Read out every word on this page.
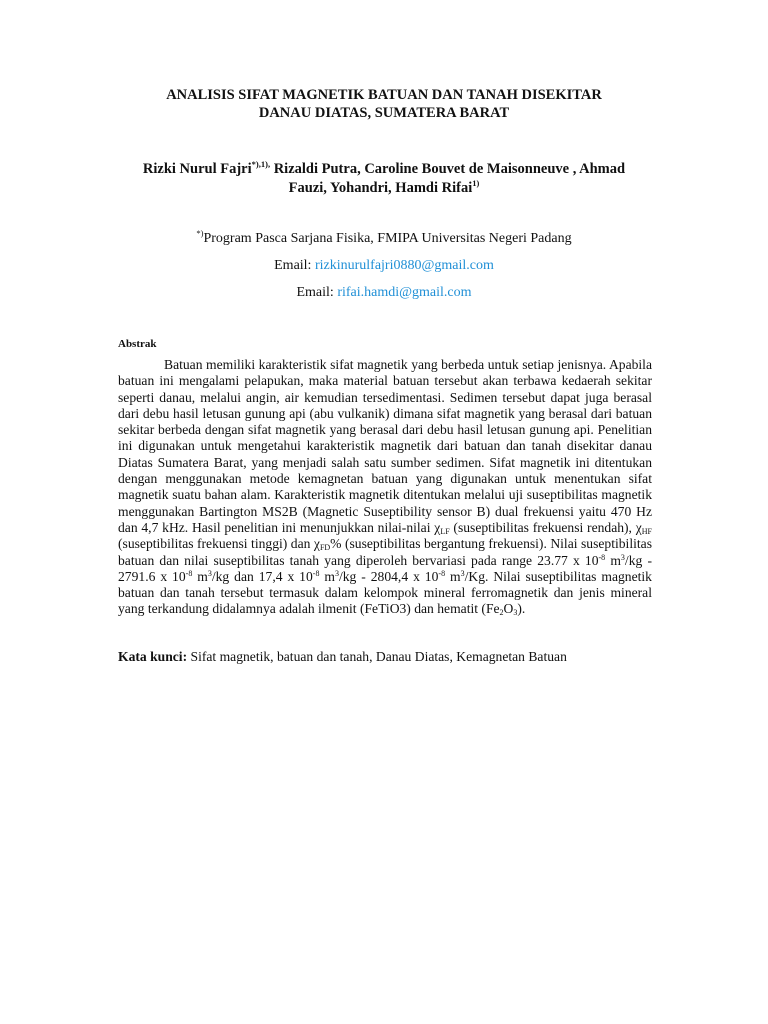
ANALISIS SIFAT MAGNETIK BATUAN DAN TANAH DISEKITAR
DANAU DIATAS, SUMATERA BARAT
Rizki Nurul Fajri$^{*),1),}$ Rizaldi Putra, Caroline Bouvet de Maisonneuve , Ahmad
Fauzi, Yohandri, Hamdi Rifai$^{1)}$
*)Program Pasca Sarjana Fisika, FMIPA Universitas Negeri Padang
Email: rizkinurulfajri0880@gmail.com
Email: rifai.hamdi@gmail.com
Abstrak
Batuan memiliki karakteristik sifat magnetik yang berbeda untuk setiap jenisnya. Apabila batuan ini mengalami pelapukan, maka material batuan tersebut akan terbawa kedaerah sekitar seperti danau, melalui angin, air kemudian tersedimentasi. Sedimen tersebut dapat juga berasal dari debu hasil letusan gunung api (abu vulkanik) dimana sifat magnetik yang berasal dari batuan sekitar berbeda dengan sifat magnetik yang berasal dari debu hasil letusan gunung api. Penelitian ini digunakan untuk mengetahui karakteristik magnetik dari batuan dan tanah disekitar danau Diatas Sumatera Barat, yang menjadi salah satu sumber sedimen. Sifat magnetik ini ditentukan dengan menggunakan metode kemagnetan batuan yang digunakan untuk menentukan sifat magnetik suatu bahan alam. Karakteristik magnetik ditentukan melalui uji suseptibilitas magnetik menggunakan Bartington MS2B (Magnetic Suseptibility sensor B) dual frekuensi yaitu 470 Hz dan 4,7 kHz. Hasil penelitian ini menunjukkan nilai-nilai $\chi_{LF}$ (suseptibilitas frekuensi rendah), $\chi_{HF}$ (suseptibilitas frekuensi tinggi) dan $\chi_{FD}\%$ (suseptibilitas bergantung frekuensi). Nilai suseptibilitas batuan dan nilai suseptibilitas tanah yang diperoleh bervariasi pada range 23.77 x $10^{-8}$ $m^3/kg - 2791.6$ x $10^{-8}$ $m^3/kg$ dan 17,4 x $10^{-8}$ $m^3/kg - 2804,4$ x $10^{-8}$ $m^3/Kg$. Nilai suseptibilitas magnetik batuan dan tanah tersebut termasuk dalam kelompok mineral ferromagnetik dan jenis mineral yang terkandung didalamnya adalah ilmenit (FeTiO3) dan hematit $(Fe_2O_3)$.
Kata kunci: Sifat magnetik, batuan dan tanah, Danau Diatas, Kemagnetan Batuan
